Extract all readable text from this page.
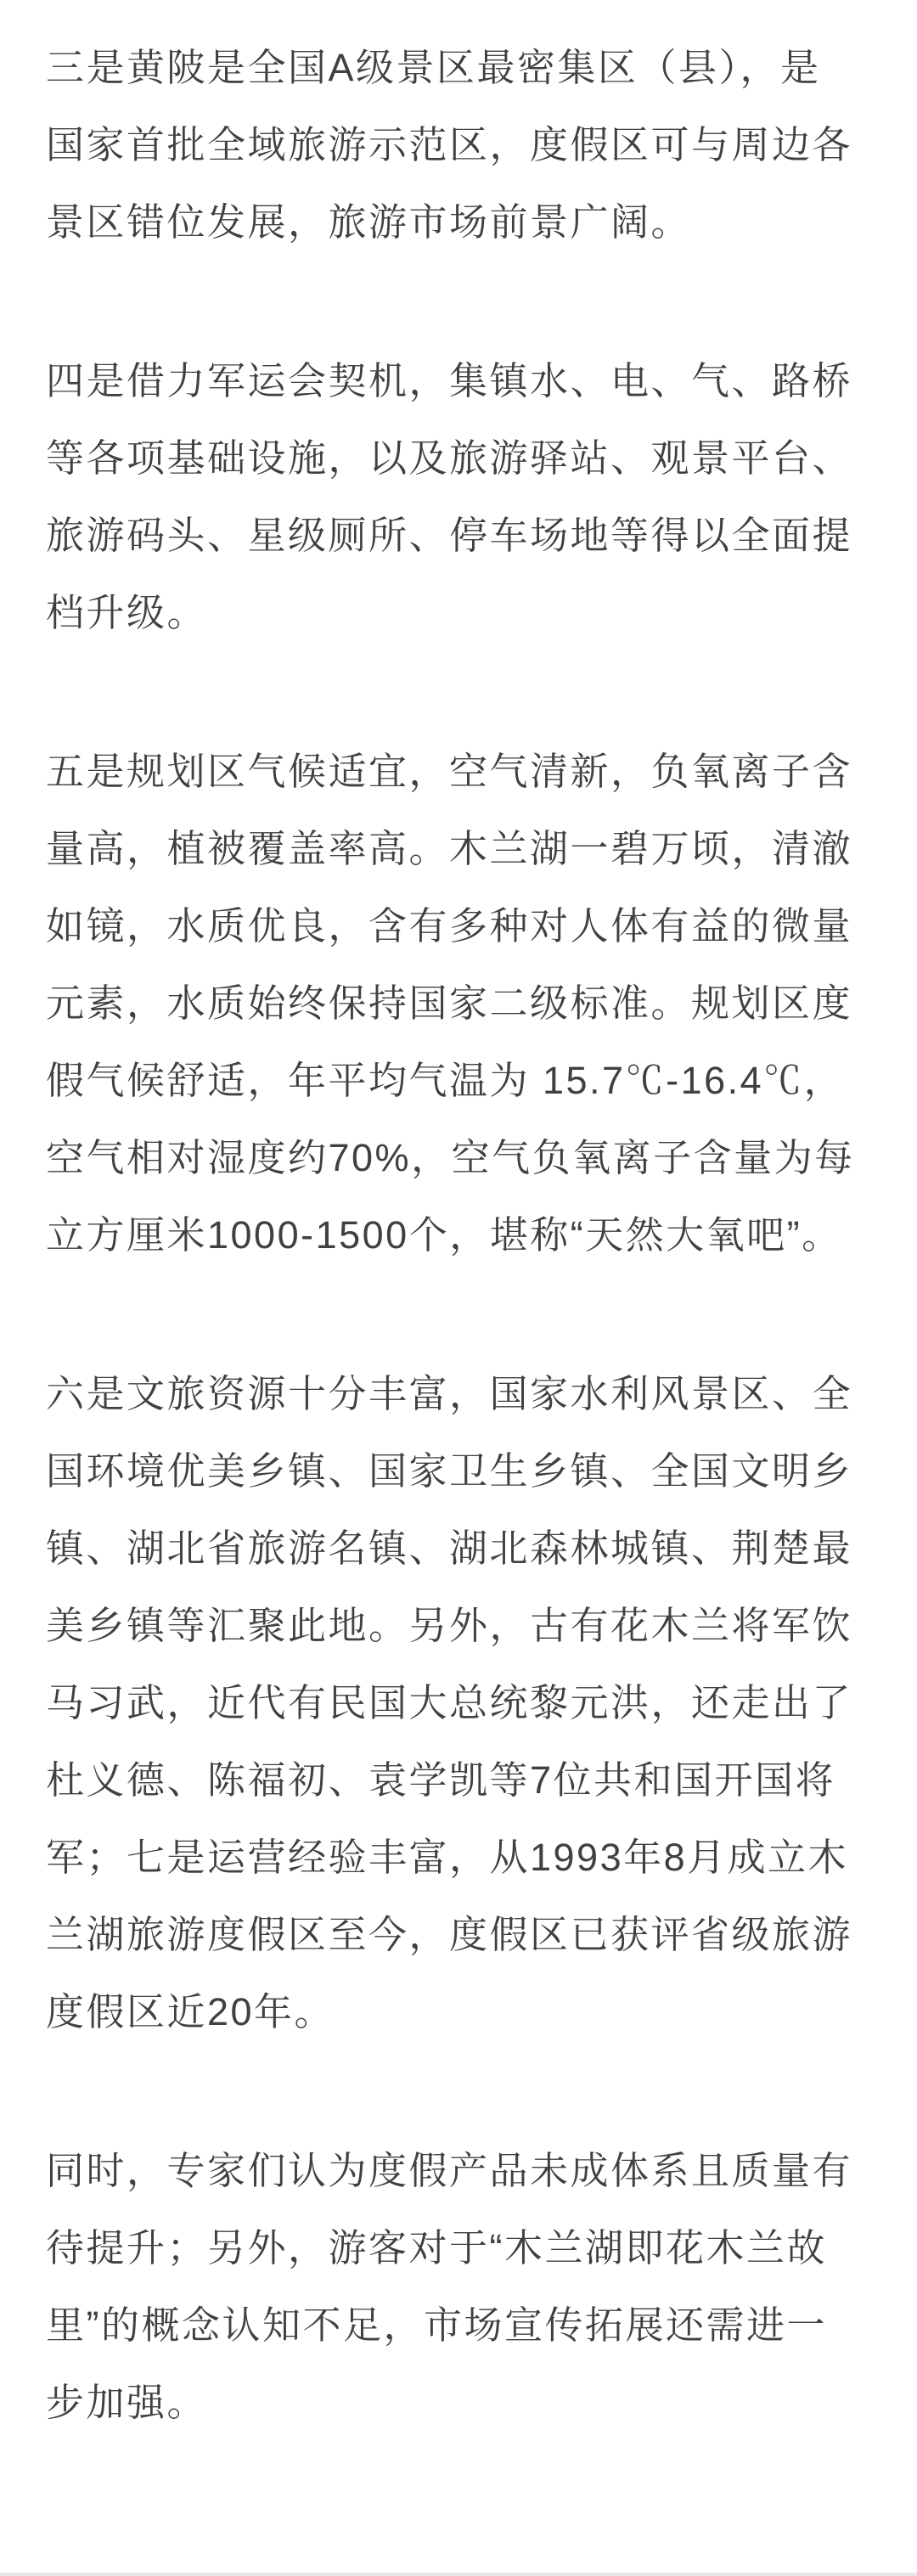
三是黄陂是全国A级景区最密集区（县），是
国家首批全域旅游示范区，度假区可与周边各
景区错位发展，旅游市场前景广阔。
四是借力军运会契机，集镇水、电、气、路桥
等各项基础设施，以及旅游驿站、观景平台、
旅游码头、星级厕所、停车场地等得以全面提
档升级。
五是规划区气候适宜，空气清新，负氧离子含
量高，植被覆盖率高。木兰湖一碧万顷，清澈
如镜，水质优良，含有多种对人体有益的微量
元素，水质始终保持国家二级标准。规划区度
假气候舒适，年平均气温为 15.7℃-16.4℃，
空气相对湿度约70%，空气负氧离子含量为每
立方厘米1000-1500个，堪称“天然大氧吧”。
六是文旅资源十分丰富，国家水利风景区、全
国环境优美乡镇、国家卫生乡镇、全国文明乡
镇、湖北省旅游名镇、湖北森林城镇、荆楚最
美乡镇等汇聚此地。另外，古有花木兰将军饮
马习武，近代有民国大总统黎元洪，还走出了
杜义德、陈福初、袁学凯等7位共和国开国将
军；七是运营经验丰富，从1993年8月成立木
兰湖旅游度假区至今，度假区已获评省级旅游
度假区近20年。
同时，专家们认为度假产品未成体系且质量有
待提升；另外，游客对于“木兰湖即花木兰故
里”的概念认知不足，市场宣传拓展还需进一
步加强。
